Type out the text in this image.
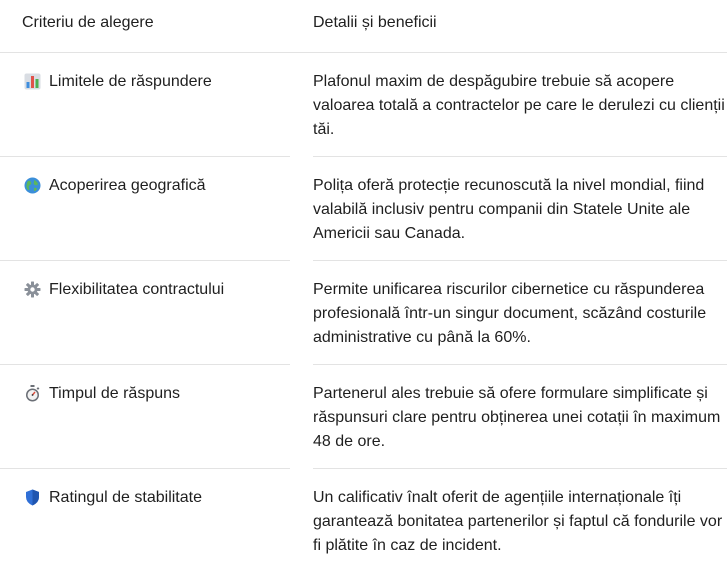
Criteriu de alegere	Detalii și beneficii
Limitele de răspundere	Plafonul maxim de despăgubire trebuie să acopere valoarea totală a contractelor pe care le derulezi cu clienții tăi.
Acoperirea geografică	Polița oferă protecție recunoscută la nivel mondial, fiind valabilă inclusiv pentru companii din Statele Unite ale Americii sau Canada.
Flexibilitatea contractului	Permite unificarea riscurilor cibernetice cu răspunderea profesională într-un singur document, scăzând costurile administrative cu până la 60%.
Timpul de răspuns	Partenerul ales trebuie să ofere formulare simplificate și răspunsuri clare pentru obținerea unei cotații în maximum 48 de ore.
Ratingul de stabilitate	Un calificativ înalt oferit de agențiile internaționale îți garantează bonitatea partenerilor și faptul că fondurile vor fi plătite în caz de incident.
